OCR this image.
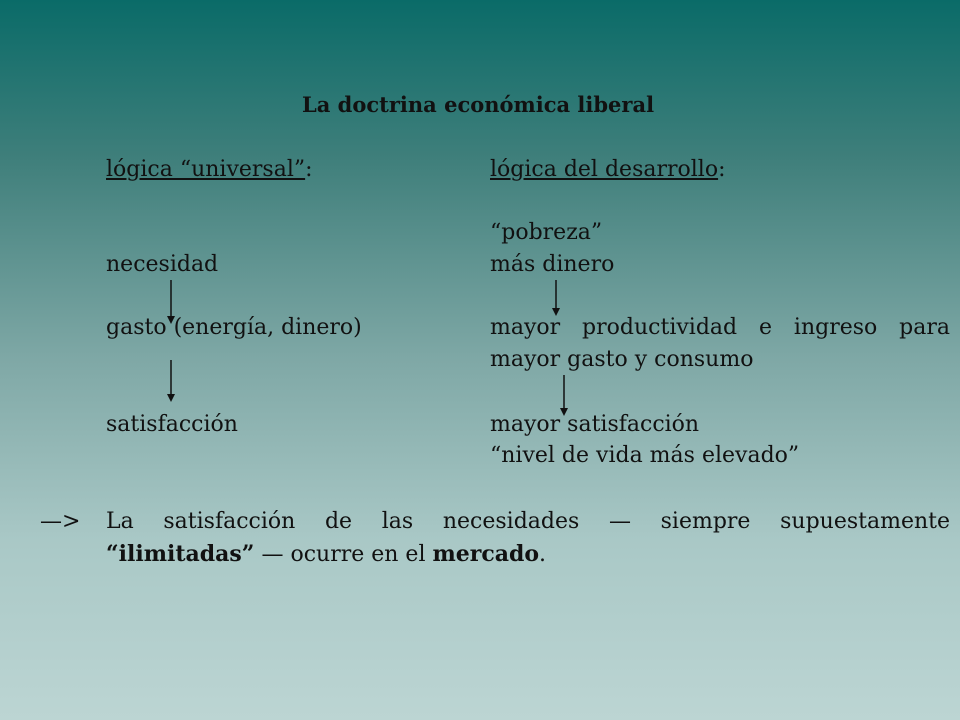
La doctrina económica liberal

lógica “universal”:	lógica del desarrollo:

“pobreza”

necesidad	más dinero

gasto (energía, dinero)	mayor productividad e ingreso para

mayor gasto y consumo

satisfacción	mayor satisfacción

“nivel de vida más elevado”

—> La satisfacción de las necesidades — siempre supuestamente

“ilimitadas” — ocurre en el mercado.
